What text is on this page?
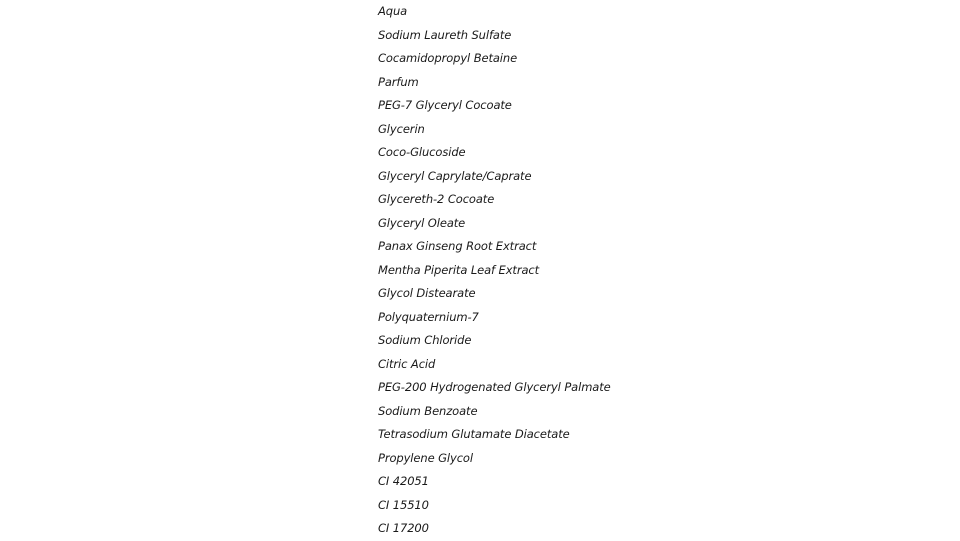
Aqua
Sodium Laureth Sulfate
Cocamidopropyl Betaine
Parfum
PEG-7 Glyceryl Cocoate
Glycerin
Coco-Glucoside
Glyceryl Caprylate/Caprate
Glycereth-2 Cocoate
Glyceryl Oleate
Panax Ginseng Root Extract
Mentha Piperita Leaf Extract
Glycol Distearate
Polyquaternium-7
Sodium Chloride
Citric Acid
PEG-200 Hydrogenated Glyceryl Palmate
Sodium Benzoate
Tetrasodium Glutamate Diacetate
Propylene Glycol
CI 42051
CI 15510
CI 17200
